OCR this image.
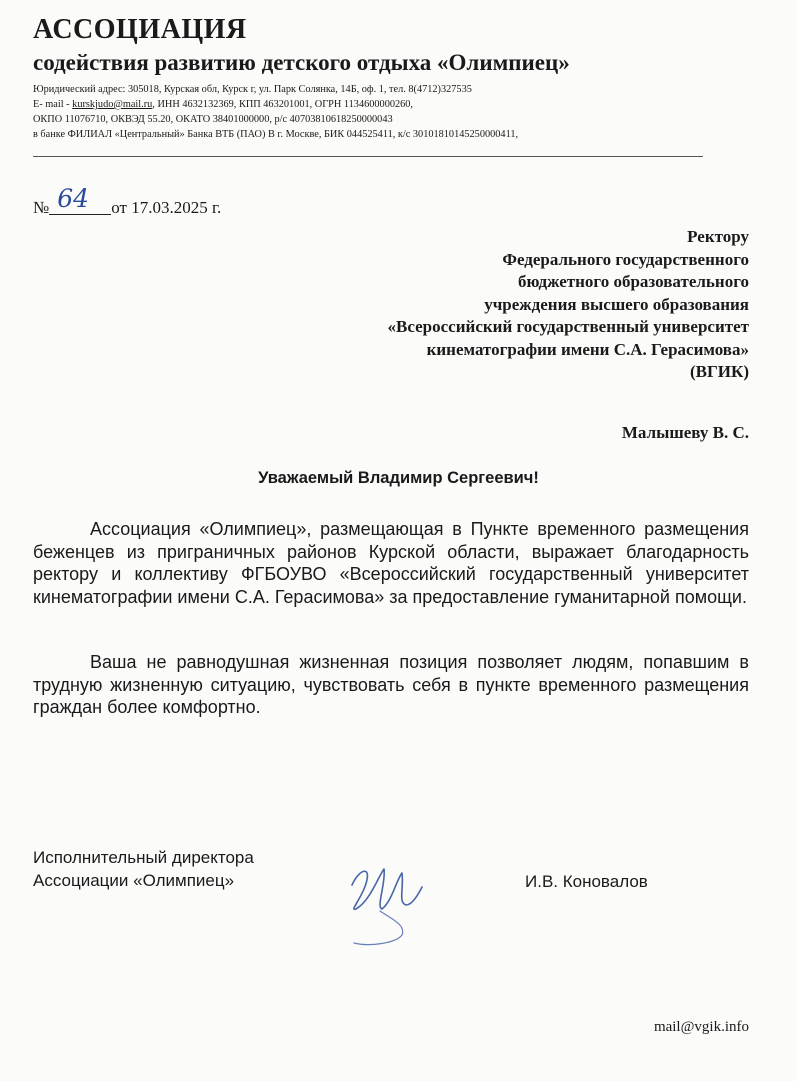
АССОЦИАЦИЯ
содействия развитию детского отдыха «Олимпиец»
Юридический адрес: 305018, Курская обл, Курск г, ул. Парк Солянка, 14Б, оф. 1, тел. 8(4712)327535
E- mail - kurskjudo@mail.ru, ИНН 4632132369, КПП 463201001, ОГРН 1134600000260,
ОКПО 11076710, ОКВЭД 55.20, ОКАТО 38401000000, р/с 40703810618250000043
в банке ФИЛИАЛ «Центральный» Банка ВТБ (ПАО) В г. Москве, БИК 044525411, к/с 30101810145250000411,
№ 64 от 17.03.2025 г.
Ректору
Федерального государственного
бюджетного образовательного
учреждения высшего образования
«Всероссийский государственный университет
кинематографии имени С.А. Герасимова»
(ВГИК)
Малышеву В. С.
Уважаемый Владимир Сергеевич!
Ассоциация «Олимпиец», размещающая в Пункте временного размещения беженцев из приграничных районов Курской области, выражает благодарность ректору и коллективу ФГБОУВО «Всероссийский государственный университет кинематографии имени С.А. Герасимова» за предоставление гуманитарной помощи.
Ваша не равнодушная жизненная позиция позволяет людям, попавшим в трудную жизненную ситуацию, чувствовать себя в пункте временного размещения граждан более комфортно.
Исполнительный директора
Ассоциации «Олимпиец»	И.В. Коновалов
mail@vgik.info
